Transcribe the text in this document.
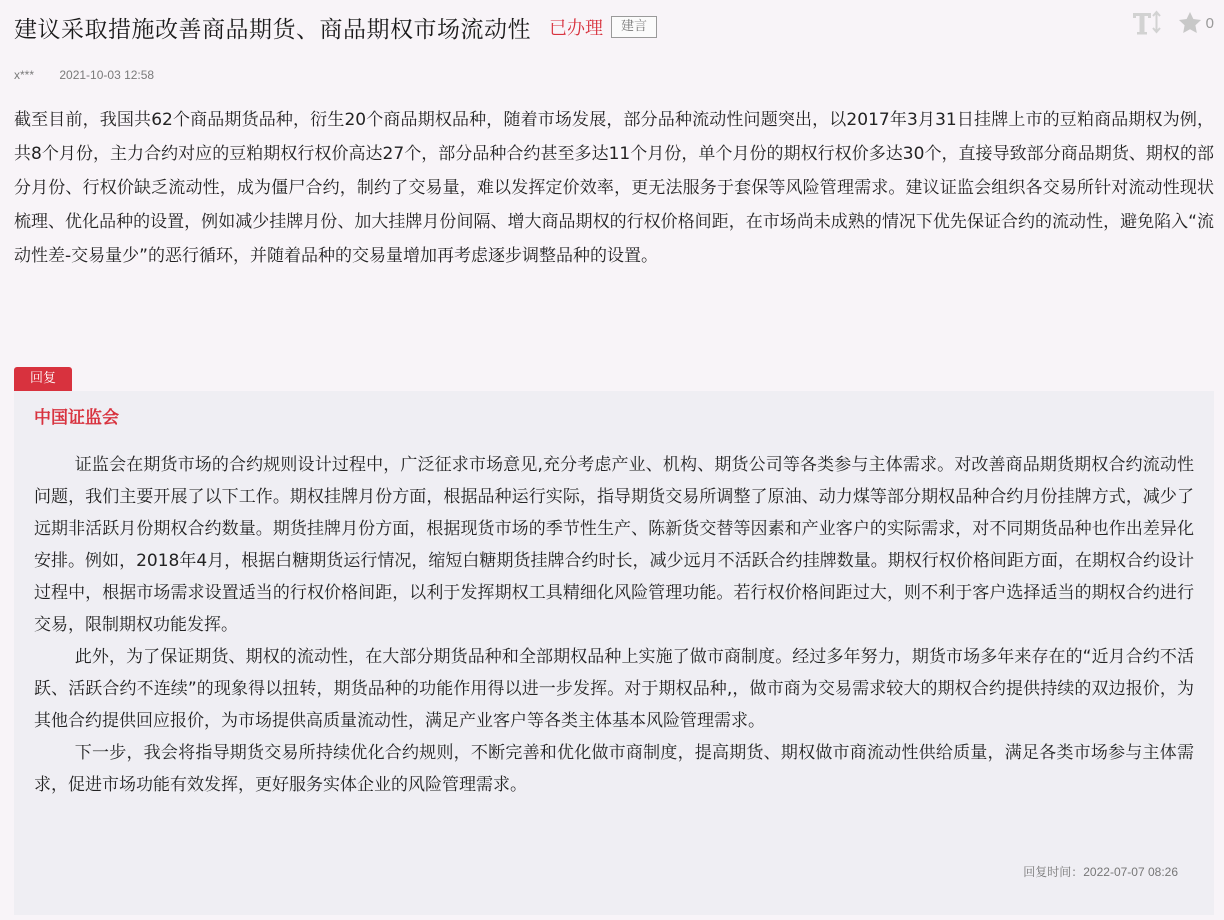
建议采取措施改善商品期货、商品期权市场流动性 已办理	建言	0
x*** 2021-10-03 12:58

截至目前，我国共62个商品期货品种，衍生20个商品期权品种，随着市场发展，部分品种流动性问题突出，以2017年3月31日挂牌上市的豆粕商品期权为例，共8个月份，主力合约对应的豆粕期权行权价高达27个，部分品种合约甚至多达11个月份，单个月份的期权行权价多达30个，直接导致部分商品期货、期权的部分月份、行权价缺乏流动性，成为僵尸合约，制约了交易量，难以发挥定价效率，更无法服务于套保等风险管理需求。建议证监会组织各交易所针对流动性现状梳理、优化品种的设置，例如减少挂牌月份、加大挂牌月份间隔、增大商品期权的行权价格间距，在市场尚未成熟的情况下优先保证合约的流动性，避免陷入“流动性差-交易量少”的恶行循环，并随着品种的交易量增加再考虑逐步调整品种的设置。

回复
中国证监会

证监会在期货市场的合约规则设计过程中，广泛征求市场意见,充分考虑产业、机构、期货公司等各类参与主体需求。对改善商品期货期权合约流动性问题，我们主要开展了以下工作。期权挂牌月份方面，根据品种运行实际，指导期货交易所调整了原油、动力煤等部分期权品种合约月份挂牌方式，减少了远期非活跃月份期权合约数量。期货挂牌月份方面，根据现货市场的季节性生产、陈新货交替等因素和产业客户的实际需求，对不同期货品种也作出差异化安排。例如，2018年4月，根据白糖期货运行情况，缩短白糖期货挂牌合约时长，减少远月不活跃合约挂牌数量。期权行权价格间距方面，在期权合约设计过程中，根据市场需求设置适当的行权价格间距，以利于发挥期权工具精细化风险管理功能。若行权价格间距过大，则不利于客户选择适当的期权合约进行交易，限制期权功能发挥。

此外，为了保证期货、期权的流动性，在大部分期货品种和全部期权品种上实施了做市商制度。经过多年努力，期货市场多年来存在的“近月合约不活跃、活跃合约不连续”的现象得以扭转，期货品种的功能作用得以进一步发挥。对于期权品种,，做市商为交易需求较大的期权合约提供持续的双边报价，为其他合约提供回应报价，为市场提供高质量流动性，满足产业客户等各类主体基本风险管理需求。

下一步，我会将指导期货交易所持续优化合约规则，不断完善和优化做市商制度，提高期货、期权做市商流动性供给质量，满足各类市场参与主体需求，促进市场功能有效发挥，更好服务实体企业的风险管理需求。

回复时间：2022-07-07 08:26
